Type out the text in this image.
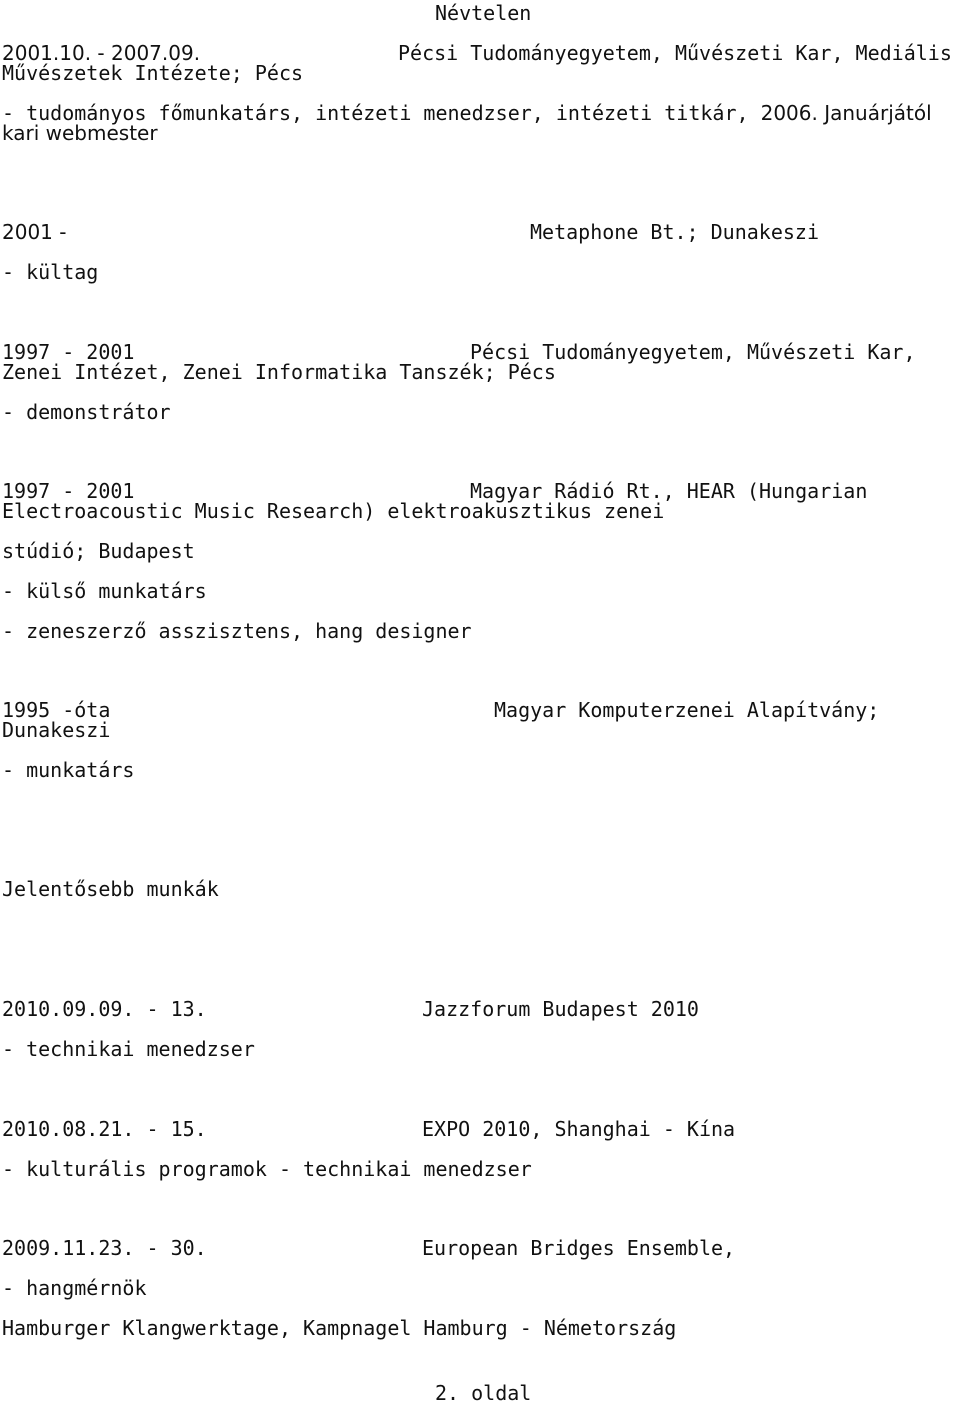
Névtelen
2001.10. - 2007.09.	Pécsi Tudományegyetem, Művészeti Kar, Mediális
Művészetek Intézete; Pécs
- tudományos főmunkatárs, intézeti menedzser, intézeti titkár, 2006. Januárjától
kari webmester
2001 -	Metaphone Bt.; Dunakeszi
- kültag
1997 - 2001	Pécsi Tudományegyetem, Művészeti Kar,
Zenei Intézet, Zenei Informatika Tanszék; Pécs
- demonstrátor
1997 - 2001	Magyar Rádió Rt., HEAR (Hungarian
Electroacoustic Music Research) elektroakusztikus zenei
stúdió; Budapest
- külső munkatárs
- zeneszerző asszisztens, hang designer
1995 -óta	Magyar Komputerzenei Alapítvány;
Dunakeszi
- munkatárs
Jelentősebb munkák
2010.09.09. - 13.	Jazzforum Budapest 2010
- technikai menedzser
2010.08.21. - 15.	EXPO 2010, Shanghai - Kína
- kulturális programok - technikai menedzser
2009.11.23. - 30.	European Bridges Ensemble,
- hangmérnök
Hamburger Klangwerktage, Kampnagel Hamburg - Németország
2. oldal
